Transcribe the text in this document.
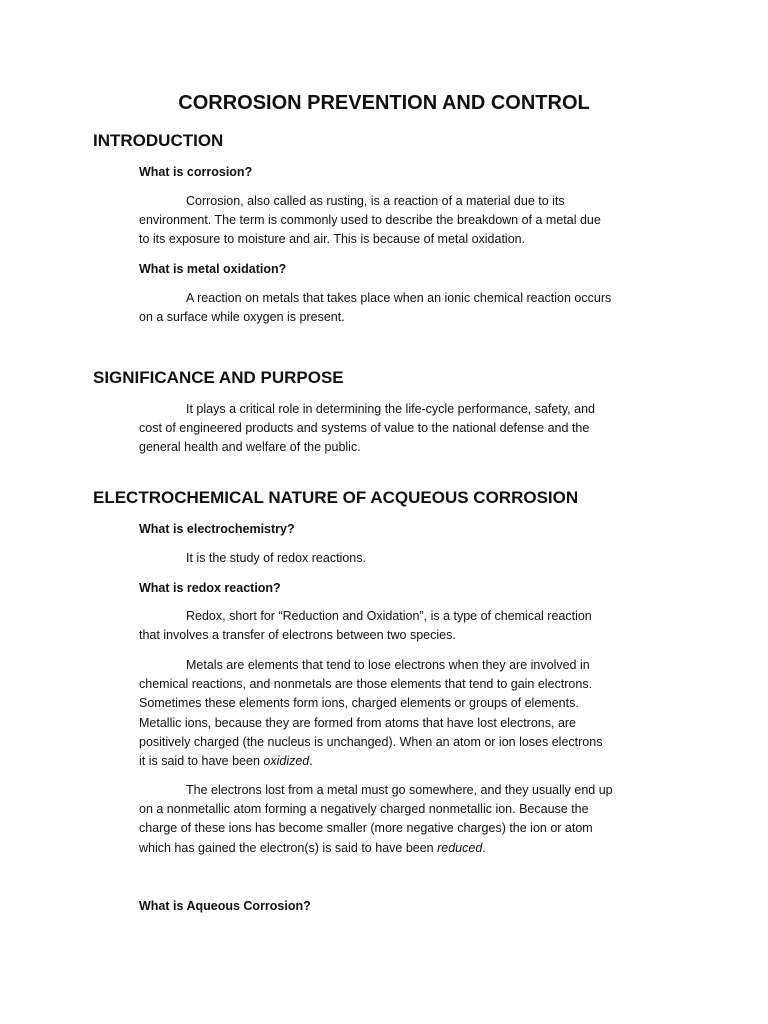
CORROSION PREVENTION AND CONTROL
INTRODUCTION
What is corrosion?
Corrosion, also called as rusting, is a reaction of a material due to its
environment. The term is commonly used to describe the breakdown of a metal due
to its exposure to moisture and air. This is because of metal oxidation.
What is metal oxidation?
A reaction on metals that takes place when an ionic chemical reaction occurs
on a surface while oxygen is present.
SIGNIFICANCE AND PURPOSE
It plays a critical role in determining the life-cycle performance, safety, and
cost of engineered products and systems of value to the national defense and the
general health and welfare of the public.
ELECTROCHEMICAL NATURE OF ACQUEOUS CORROSION
What is electrochemistry?
It is the study of redox reactions.
What is redox reaction?
Redox, short for “Reduction and Oxidation”, is a type of chemical reaction
that involves a transfer of electrons between two species.
Metals are elements that tend to lose electrons when they are involved in
chemical reactions, and nonmetals are those elements that tend to gain electrons.
Sometimes these elements form ions, charged elements or groups of elements.
Metallic ions, because they are formed from atoms that have lost electrons, are
positively charged (the nucleus is unchanged). When an atom or ion loses electrons
it is said to have been oxidized.
The electrons lost from a metal must go somewhere, and they usually end up
on a nonmetallic atom forming a negatively charged nonmetallic ion. Because the
charge of these ions has become smaller (more negative charges) the ion or atom
which has gained the electron(s) is said to have been reduced.
What is Aqueous Corrosion?
